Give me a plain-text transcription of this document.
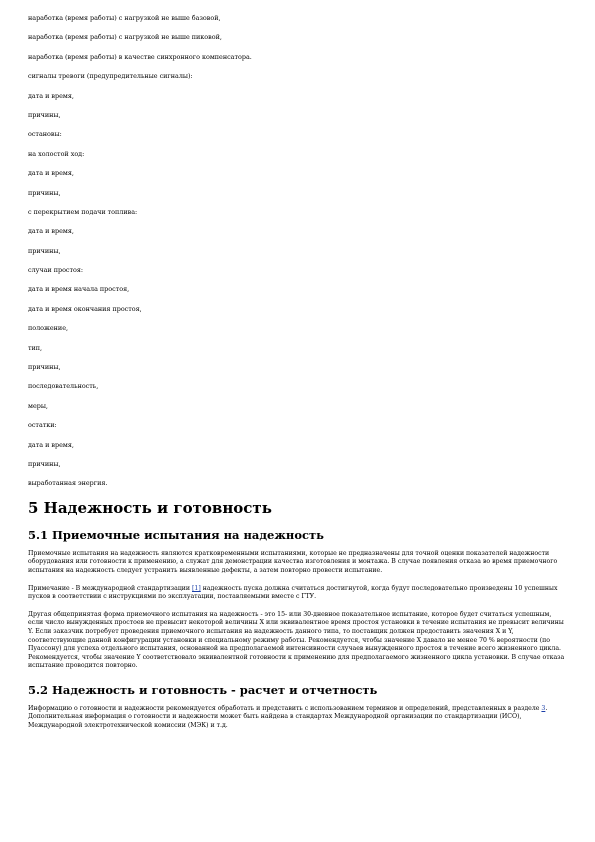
наработка (время работы) с нагрузкой не выше базовой,
наработка (время работы) с нагрузкой не выше пиковой,
наработка (время работы) в качестве синхронного компенсатора.
сигналы тревоги (предупредительные сигналы):
дата и время,
причины,
остановы:
на холостой ход:
дата и время,
причины,
с перекрытием подачи топлива:
дата и время,
причины,
случаи простоя:
дата и время начала простоя,
дата и время окончания простоя,
положение,
тип,
причины,
последовательность,
меры,
остатки:
дата и время,
причины,
выработанная энергия.
5 Надежность и готовность
5.1 Приемочные испытания на надежность

Приемочные испытания на надежность являются кратковременными испытаниями, которые не предназначены для точной оценки показателей надежности оборудования или готовности к применению, а служат для демонстрации качества изготовления и монтажа. В случае появления отказа во время приемочного испытания на надежность следует устранить выявленные дефекты, а затем повторно провести испытание.

Примечание - В международной стандартизации [1] надежность пуска должна считаться достигнутой, когда будут последовательно произведены 10 успешных пусков в соответствии с инструкциями по эксплуатации, поставляемыми вместе с ГТУ.

Другая общепринятая форма приемочного испытания на надежность - это 15- или 30-дневное показательное испытание, которое будет считаться успешным, если число вынужденных простоев не превысит некоторой величины X или эквивалентное время простоя установки в течение испытания не превысит величины Y. Если заказчик потребует проведения приемочного испытания на надежность данного типа, то поставщик должен предоставить значения X и Y, соответствующие данной конфигурации установки и специальному режиму работы. Рекомендуется, чтобы значение X давало не менее 70 % вероятности (по Пуассону) для успеха отдельного испытания, основанной на предполагаемой интенсивности случаев вынужденного простоя в течение всего жизненного цикла. Рекомендуется, чтобы значение Y соответствовало эквивалентной готовности к применению для предполагаемого жизненного цикла установки. В случае отказа испытание проводится повторно.

5.2 Надежность и готовность - расчет и отчетность

Информацию о готовности и надежности рекомендуется обработать и представить с использованием терминов и определений, представленных в разделе 3. Дополнительная информация о готовности и надежности может быть найдена в стандартах Международной организации по стандартизации (ИСО), Международной электротехнической комиссии (МЭК) и т.д.
